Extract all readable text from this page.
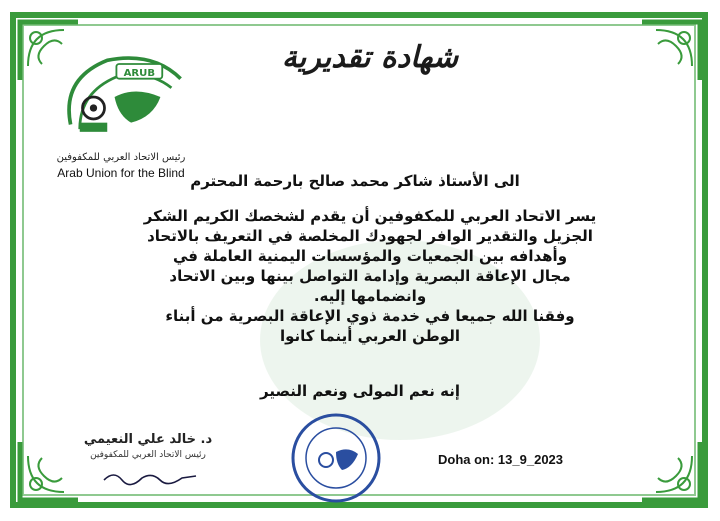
شهادة تقديرية
ARUB
رئيس الاتحاد العربي للمكفوفين
Arab Union for the Blind الى الأستاذ شاكر محمد صالح بارحمة المحترم

يسر الاتحاد العربي للمكفوفين أن يقدم لشخصك الكريم الشكر

الجزيل والتقدير الوافر لجهودك المخلصة في التعريف بالاتحاد

وأهدافه بين الجمعيات والمؤسسات اليمنية العاملة في

مجال الإعاقة البصرية وإدامة التواصل بينها وبين الاتحاد

وانضمامها إليه.

وفقنا الله جميعا في خدمة ذوي الإعاقة البصرية من أبناء

الوطن العربي أينما كانوا

إنه نعم المولى ونعم النصير
د. خالد علي النعيمي
رئيس الاتحاد العربي للمكفوفين	Doha on: 13_9_2023
